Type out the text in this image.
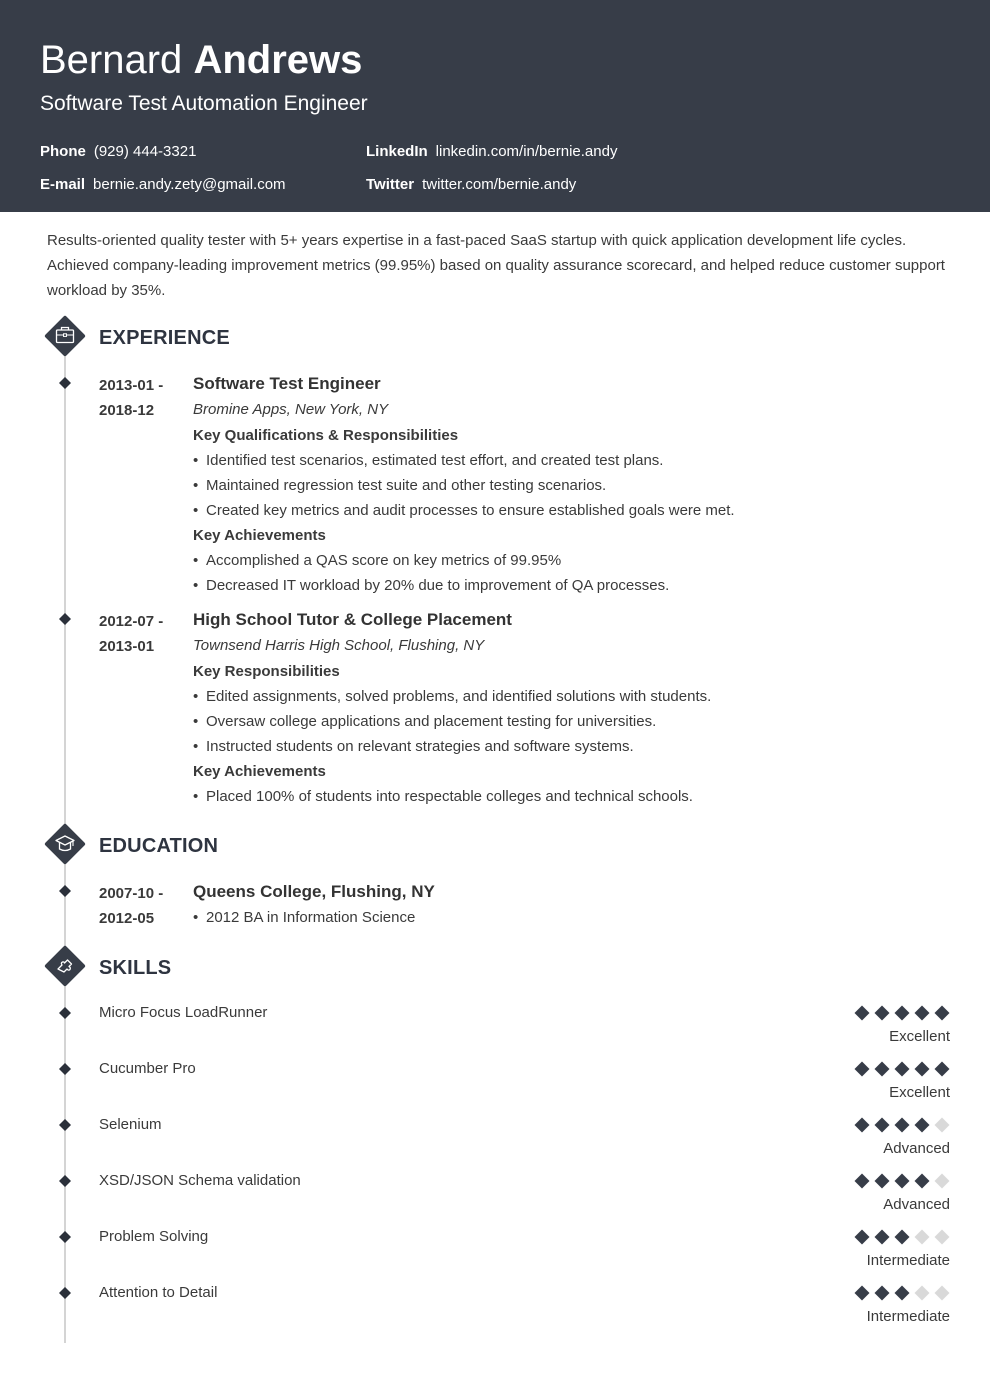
Bernard Andrews
Software Test Automation Engineer
Phone (929) 444-3321	LinkedIn linkedin.com/in/bernie.andy
E-mail bernie.andy.zety@gmail.com	Twitter twitter.com/bernie.andy
Results-oriented quality tester with 5+ years expertise in a fast-paced SaaS startup with quick application development life cycles. Achieved company-leading improvement metrics (99.95%) based on quality assurance scorecard, and helped reduce customer support workload by 35%.
EXPERIENCE
2013-01 -
2018-12
Software Test Engineer
Bromine Apps, New York, NY
Key Qualifications & Responsibilities
• Identified test scenarios, estimated test effort, and created test plans.
• Maintained regression test suite and other testing scenarios.
• Created key metrics and audit processes to ensure established goals were met.
Key Achievements
• Accomplished a QAS score on key metrics of 99.95%
• Decreased IT workload by 20% due to improvement of QA processes.
2012-07 -
2013-01
High School Tutor & College Placement
Townsend Harris High School, Flushing, NY
Key Responsibilities
• Edited assignments, solved problems, and identified solutions with students.
• Oversaw college applications and placement testing for universities.
• Instructed students on relevant strategies and software systems.
Key Achievements
• Placed 100% of students into respectable colleges and technical schools.
EDUCATION
2007-10 -
2012-05
Queens College, Flushing, NY
• 2012 BA in Information Science
SKILLS
Micro Focus LoadRunner
Excellent
Cucumber Pro
Excellent
Selenium
Advanced
XSD/JSON Schema validation
Advanced
Problem Solving
Intermediate
Attention to Detail
Intermediate
